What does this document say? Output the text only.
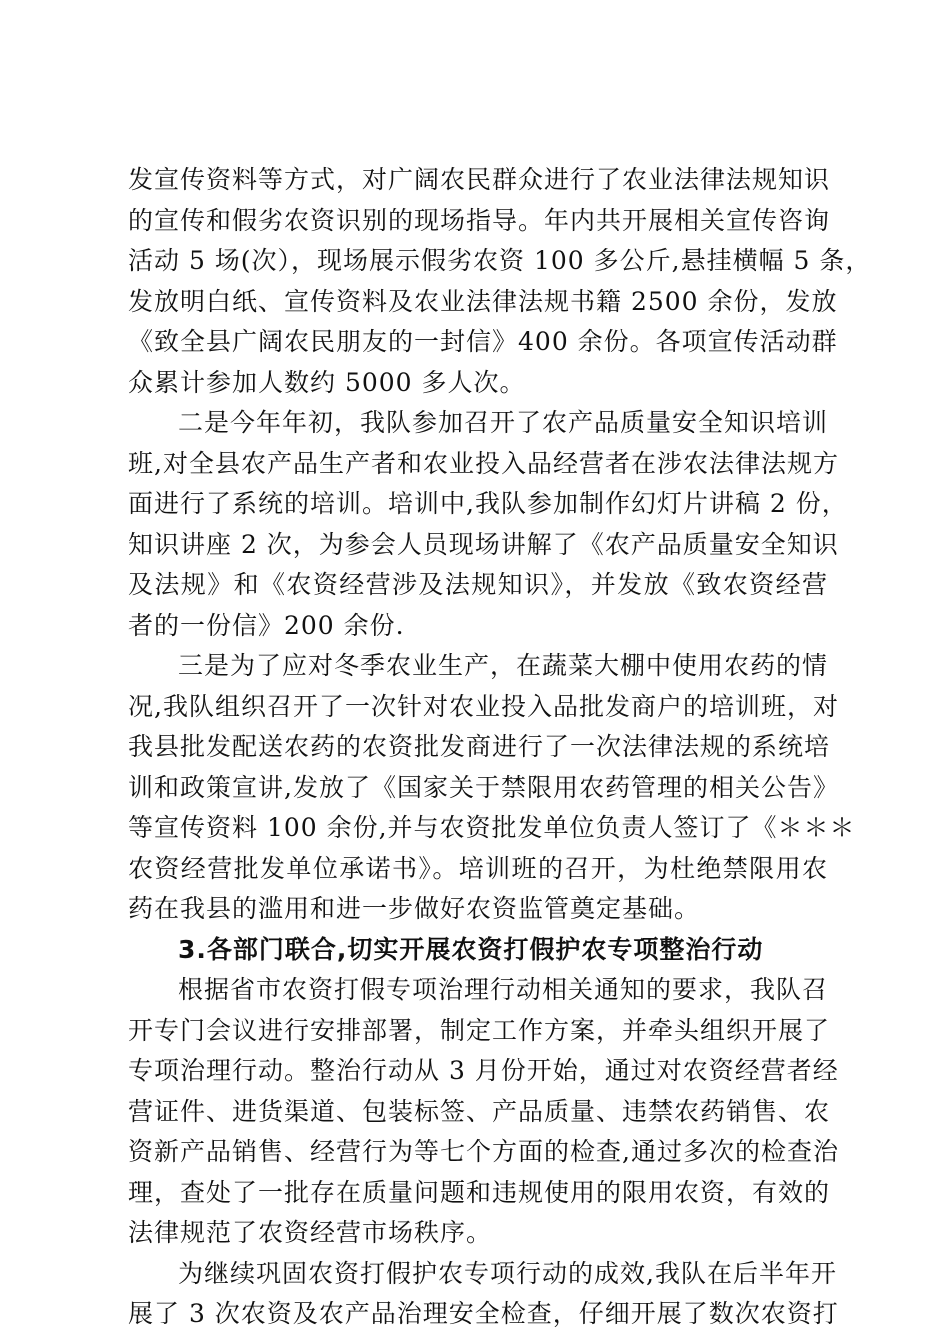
发宣传资料等方式，对广阔农民群众进行了农业法律法规知识
的宣传和假劣农资识别的现场指导。年内共开展相关宣传咨询
活动 5 场(次），现场展示假劣农资 100 多公斤,悬挂横幅 5 条，
发放明白纸、宣传资料及农业法律法规书籍 2500 余份，发放
《致全县广阔农民朋友的一封信》400 余份。各项宣传活动群
众累计参加人数约 5000 多人次。
二是今年年初，我队参加召开了农产品质量安全知识培训
班,对全县农产品生产者和农业投入品经营者在涉农法律法规方
面进行了系统的培训。培训中,我队参加制作幻灯片讲稿 2 份，
知识讲座 2 次，为参会人员现场讲解了《农产品质量安全知识
及法规》和《农资经营涉及法规知识》，并发放《致农资经营
者的一份信》200 余份.
三是为了应对冬季农业生产，在蔬菜大棚中使用农药的情
况,我队组织召开了一次针对农业投入品批发商户的培训班，对
我县批发配送农药的农资批发商进行了一次法律法规的系统培
训和政策宣讲,发放了《国家关于禁限用农药管理的相关公告》
等宣传资料 100 余份,并与农资批发单位负责人签订了《＊＊＊
农资经营批发单位承诺书》。培训班的召开，为杜绝禁限用农
药在我县的滥用和进一步做好农资监管奠定基础。
3.各部门联合,切实开展农资打假护农专项整治行动
根据省市农资打假专项治理行动相关通知的要求，我队召
开专门会议进行安排部署，制定工作方案，并牵头组织开展了
专项治理行动。整治行动从 3 月份开始，通过对农资经营者经
营证件、进货渠道、包装标签、产品质量、违禁农药销售、农
资新产品销售、经营行为等七个方面的检查,通过多次的检查治
理，查处了一批存在质量问题和违规使用的限用农资，有效的
法律规范了农资经营市场秩序。
为继续巩固农资打假护农专项行动的成效,我队在后半年开
展了 3 次农资及农产品治理安全检查，仔细开展了数次农资打
